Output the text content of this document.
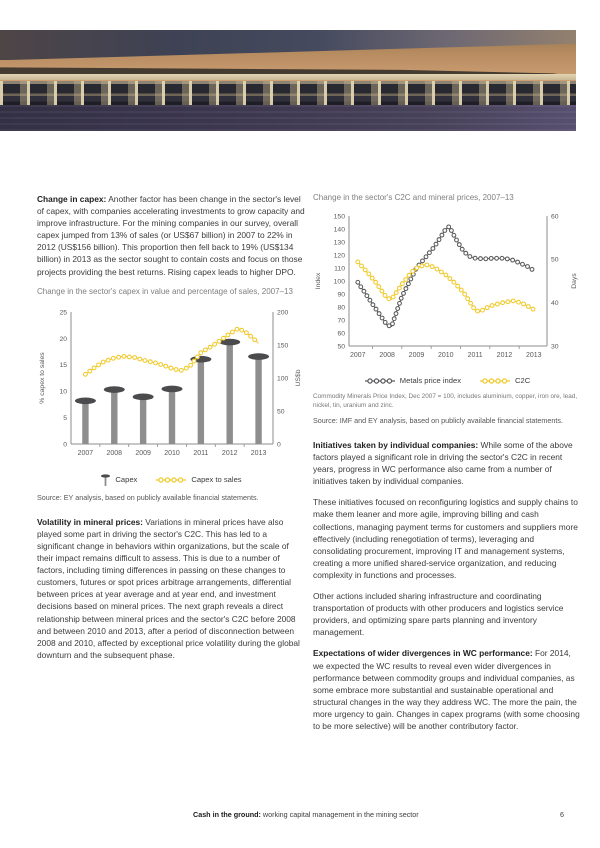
Change in capex: Another factor has been change in the sector's level of capex, with companies accelerating investments to grow capacity and improve infrastructure. For the mining companies in our survey, overall capex jumped from 13% of sales (or US$67 billion) in 2007 to 22% in 2012 (US$156 billion). This proportion then fell back to 19% (US$134 billion) in 2013 as the sector sought to contain costs and focus on those projects providing the best returns. Rising capex leads to higher DPO.

Change in the sector's capex in value and percentage of sales, 2007–13
0
5
10
15
20
25
0
50
100
150
200
2007 2008 2009 2010 2011 2012 2013
% capex to sales	US$b
Capex	Capex to sales
Source: EY analysis, based on publicly available financial statements.

Volatility in mineral prices: Variations in mineral prices have also played some part in driving the sector's C2C. This has led to a significant change in behaviors within organizations, but the scale of their impact remains difficult to assess. This is due to a number of factors, including timing differences in passing on these changes to customers, futures or spot prices arbitrage arrangements, differential between prices at year average and at year end, and investment decisions based on mineral prices. The next graph reveals a direct relationship between mineral prices and the sector's C2C before 2008 and between 2010 and 2013, after a period of disconnection between 2008 and 2010, affected by exceptional price volatility during the global downturn and the subsequent phase.

Change in the sector's C2C and mineral prices, 2007–13
50
60
70
80
90
100
110
120
130
140
150
30
40
50
60
2007 2008 2009 2010 2011 2012 2013
Index	Days
Metals price index	C2C
Commodity Minerals Price Index, Dec 2007 = 100, includes aluminium, copper, iron ore, lead, nickel, tin, uranium and zinc.
Source: IMF and EY analysis, based on publicly available financial statements.

Initiatives taken by individual companies: While some of the above factors played a significant role in driving the sector's C2C in recent years, progress in WC performance also came from a number of initiatives taken by individual companies.

These initiatives focused on reconfiguring logistics and supply chains to make them leaner and more agile, improving billing and cash collections, managing payment terms for customers and suppliers more effectively (including renegotiation of terms), leveraging and consolidating procurement, improving IT and management systems, creating a more unified shared-service organization, and reducing complexity in functions and processes.

Other actions included sharing infrastructure and coordinating transportation of products with other producers and logistics service providers, and optimizing spare parts planning and inventory management.

Expectations of wider divergences in WC performance: For 2014, we expected the WC results to reveal even wider divergences in performance between commodity groups and individual companies, as some embrace more substantial and sustainable operational and structural changes in the way they address WC. The more the pain, the more urgency to gain. Changes in capex programs (with some choosing to be more selective) will be another contributory factor.

Cash in the ground: working capital management in the mining sector	6
